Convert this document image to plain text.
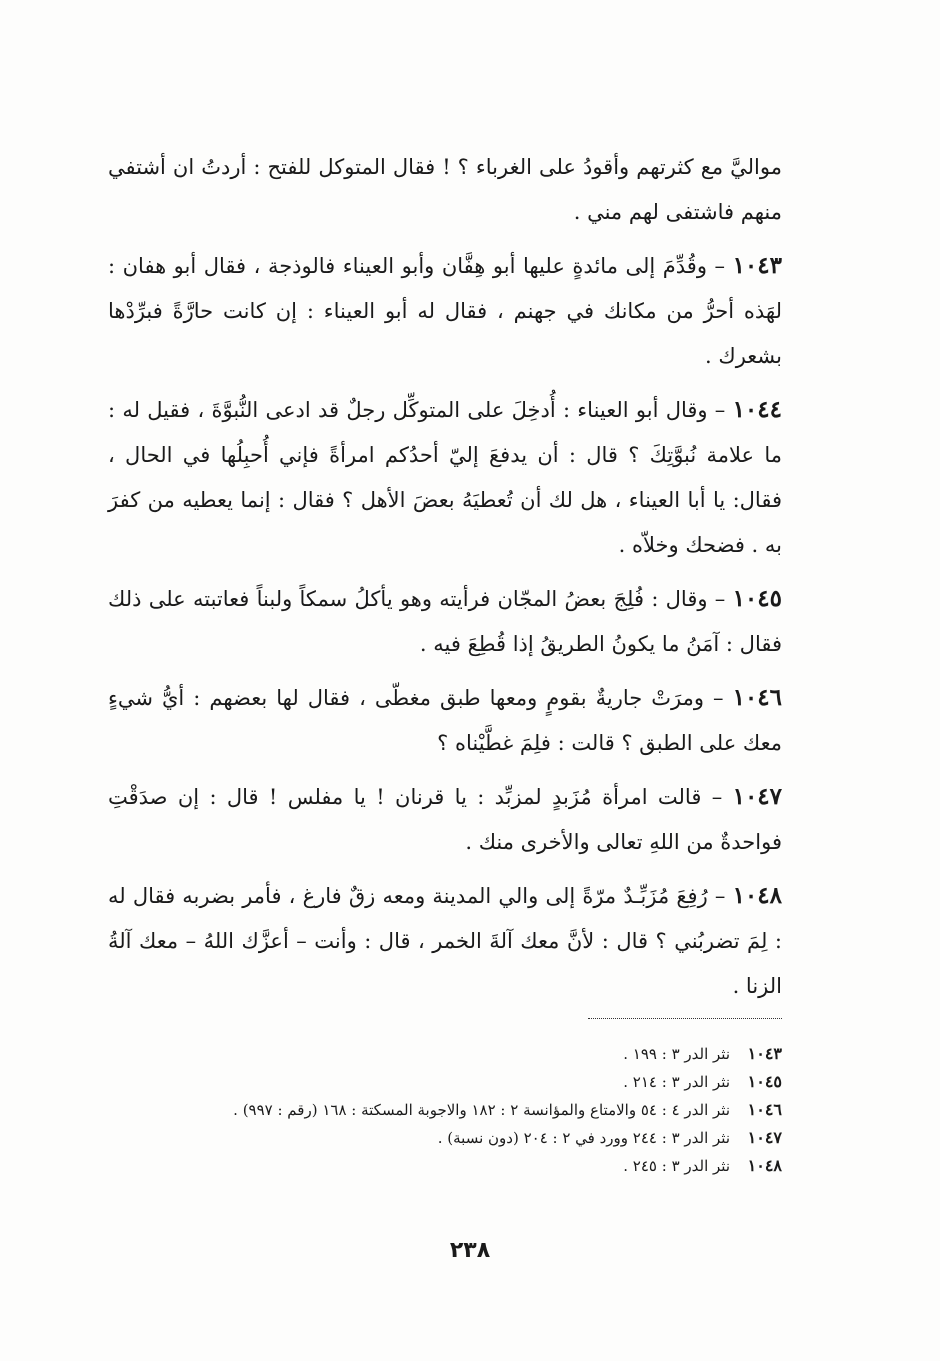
مواليَّ مع كثرتهم وأقودُ على الغرباء ؟ ! فقال المتوكل للفتح : أردتُ ان أشتفي منهم فاشتفى لهم مني .
١٠٤٣ – وقُدِّمَ إلى مائدةٍ عليها أبو هِفَّان وأبو العيناء فالوذجة ، فقال أبو هفان : لهَذه أحرُّ من مكانك في جهنم ، فقال له أبو العيناء : إن كانت حارَّةً فبرِّدْها بشعرك .
١٠٤٤ – وقال أبو العيناء : أُدخِلَ على المتوكِّل رجلٌ قد ادعى النُّبوَّةَ ، فقيل له : ما علامة نُبوَّتِكَ ؟ قال : أن يدفعَ إليّ أحدُكم امرأةً فإني أُحبِلُها في الحال ، فقال: يا أبا العيناء ، هل لك أن تُعطيَهُ بعضَ الأهل ؟ فقال : إنما يعطيه من كفرَ به . فضحك وخلاّه .
١٠٤٥ – وقال : فُلِجَ بعضُ المجّان فرأيته وهو يأكلُ سمكاً ولبناً فعاتبته على ذلك فقال : آمَنُ ما يكونُ الطريقُ إذا قُطِعَ فيه .
١٠٤٦ – ومرَتْ جاريةٌ بقومٍ ومعها طبق مغطّى ، فقال لها بعضهم : أيُّ شيءٍ معك على الطبق ؟ قالت : فلِمَ غطَّيْناه ؟
١٠٤٧ – قالت امرأة مُزَبدٍ لمزبِّد : يا قرنان ! يا مفلس ! قال : إن صدَقْتِ فواحدةٌ من اللهِ تعالى والأخرى منك .
١٠٤٨ – رُفِعَ مُزَبِّـدٌ مرّةً إلى والي المدينة ومعه زقٌ فارغ ، فأمر بضربه فقال له : لِمَ تضربُني ؟ قال : لأنَّ معك آلةَ الخمر ، قال : وأنت – أعزَّك اللهُ – معك آلةُ الزنا .
١٠٤٣نثر الدر ٣ : ١٩٩ .
١٠٤٥نثر الدر ٣ : ٢١٤ .
١٠٤٦نثر الدر ٤ : ٥٤ والامتاع والمؤانسة ٢ : ١٨٢ والاجوبة المسكتة : ١٦٨ (رقم : ٩٩٧) .
١٠٤٧نثر الدر ٣ : ٢٤٤ وورد في ٢ : ٢٠٤ (دون نسبة) .
١٠٤٨نثر الدر ٣ : ٢٤٥ .
٢٣٨
